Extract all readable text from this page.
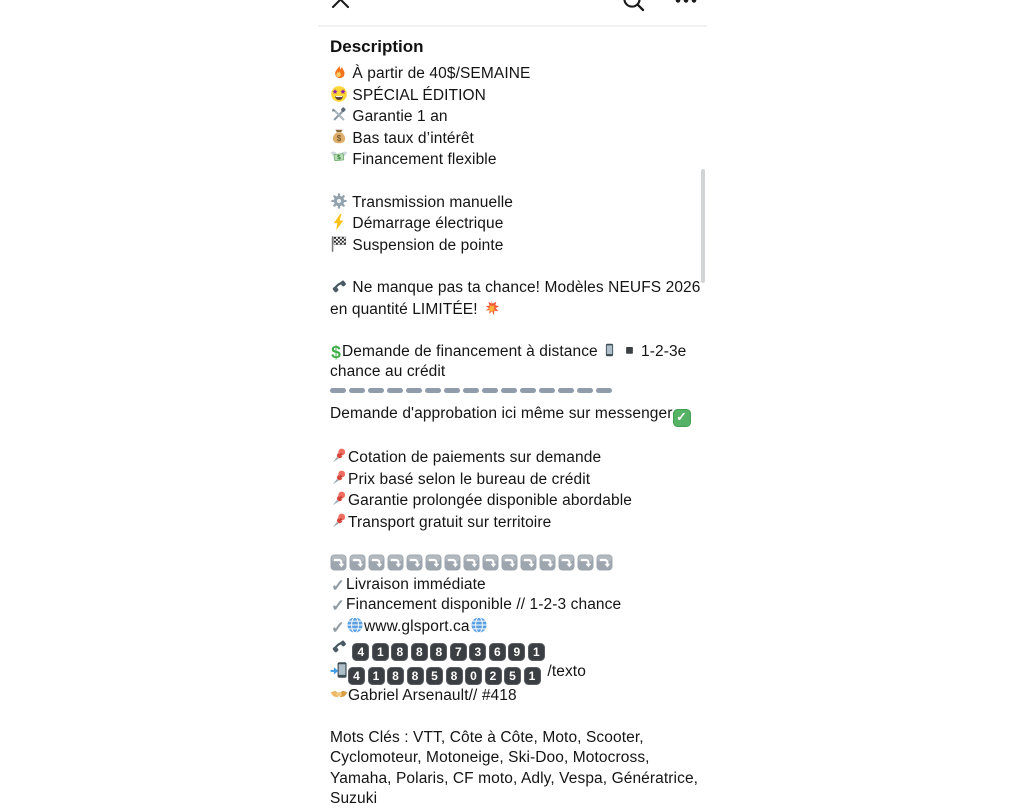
Description
À partir de 40$/SEMAINE
SPÉCIAL ÉDITION
Garantie 1 an
$ Bas taux d’intérêt
$ Financement flexible

Transmission manuelle
Démarrage électrique
Suspension de pointe

Ne manque pas ta chance! Modèles NEUFS 2026
en quantité LIMITÉE!

$Demande de financement à distance   1-2-3e
chance au crédit
Demande d'approbation ici même sur messenger ✓

Cotation de paiements sur demande
Prix basé selon le bureau de crédit
Garantie prolongée disponible abordable
Transport gratuit sur territoire

✓Livraison immédiate
✓Financement disponible // 1-2-3 chance
✓ www.glsport.ca
4 1 8 8 8 7 3 6 9 1
4 1 8 8 5 8 0 2 5 1 /texto
Gabriel Arsenault// #418

Mots Clés : VTT, Côte à Côte, Moto, Scooter,
Cyclomoteur, Motoneige, Ski-Doo, Motocross,
Yamaha, Polaris, CF moto, Adly, Vespa, Génératrice,
Suzuki
